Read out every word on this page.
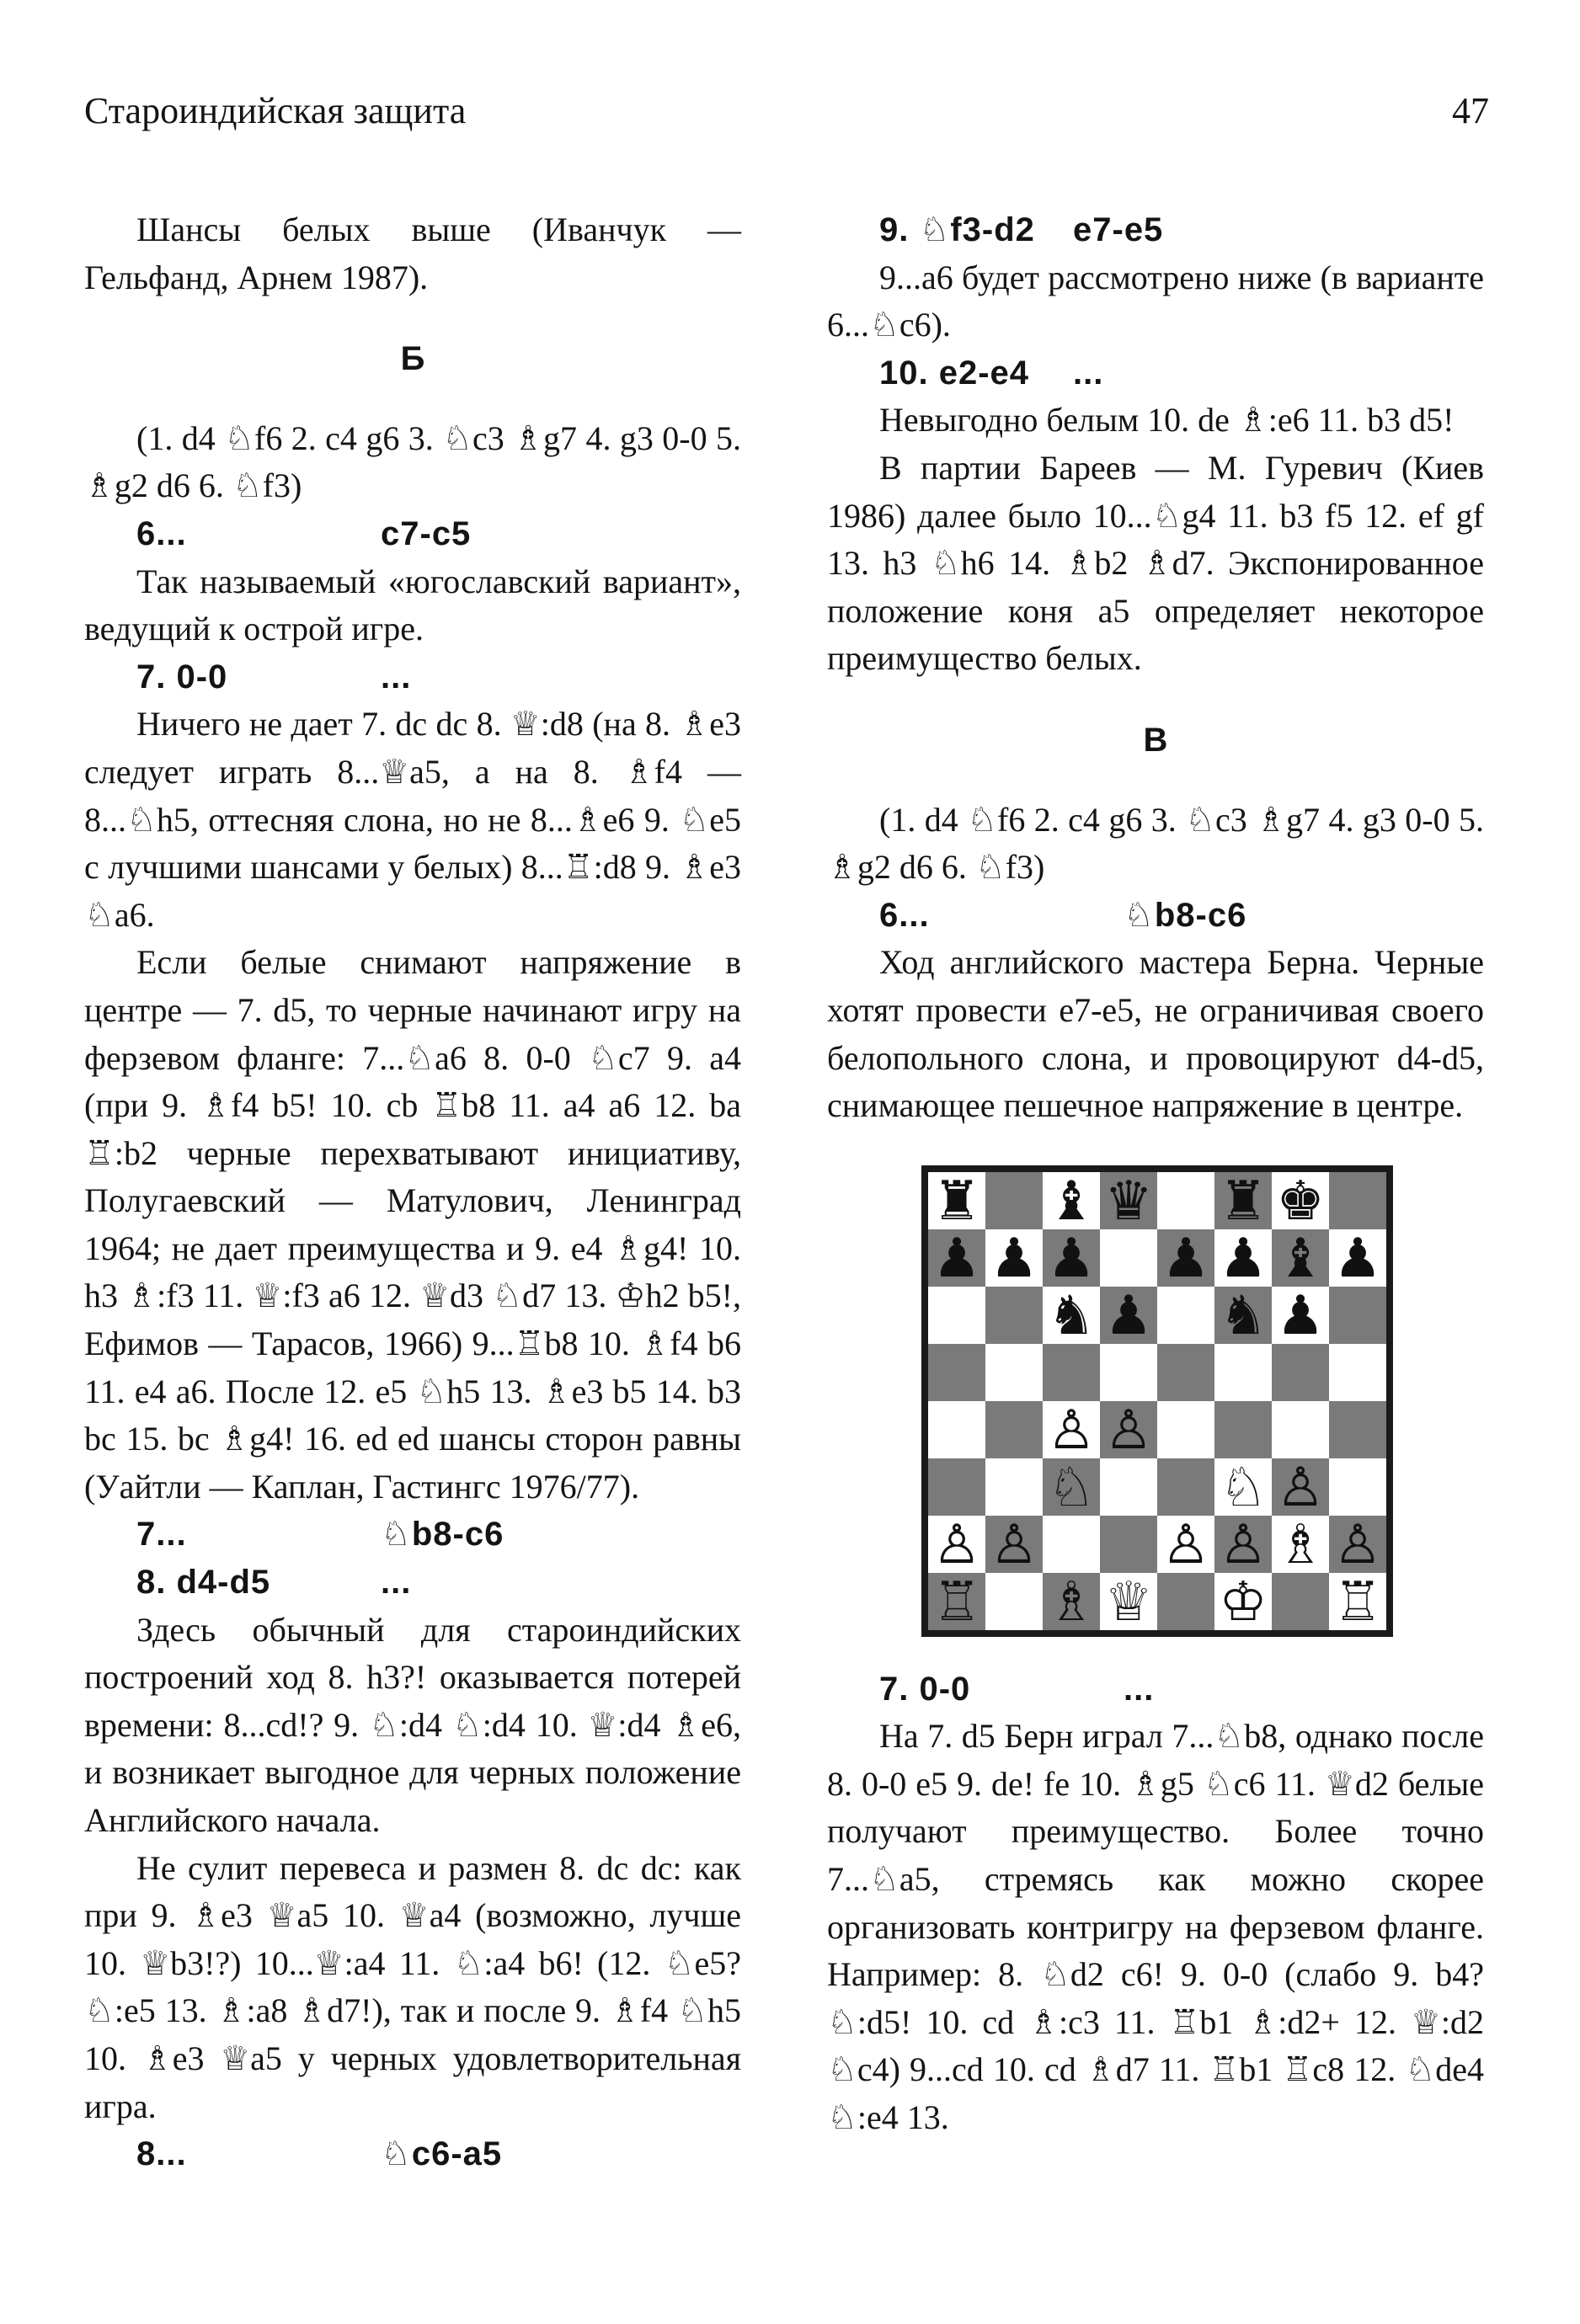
Староиндийская защита	47

Шансы белых выше (Иванчук — Гельфанд, Арнем 1987).

Б

(1. d4 ♘f6 2. c4 g6 3. ♘c3 ♗g7 4. g3 0-0 5. ♗g2 d6 6. ♘f3)

6...	c7-c5

Так называемый «югославский вариант», ведущий к острой игре.

7. 0-0	...

Ничего не дает 7. dc dc 8. ♕:d8 (на 8. ♗e3 следует играть 8...♕a5, а на 8. ♗f4 — 8...♘h5, оттесняя слона, но не 8...♗e6 9. ♘e5 с лучшими шансами у белых) 8...♖:d8 9. ♗e3 ♘a6.

Если белые снимают напряжение в центре — 7. d5, то черные начинают игру на ферзевом фланге: 7...♘a6 8. 0-0 ♘c7 9. a4 (при 9. ♗f4 b5! 10. cb ♖b8 11. a4 a6 12. ba ♖:b2 черные перехватывают инициативу, Полугаевский — Матулович, Ленинград 1964; не дает преимущества и 9. e4 ♗g4! 10. h3 ♗:f3 11. ♕:f3 a6 12. ♕d3 ♘d7 13. ♔h2 b5!, Ефимов — Тарасов, 1966) 9...♖b8 10. ♗f4 b6 11. e4 a6. После 12. e5 ♘h5 13. ♗e3 b5 14. b3 bc 15. bc ♗g4! 16. ed ed шансы сторон равны (Уайтли — Каплан, Гастингс 1976/77).

7...	♘b8-c6
8. d4-d5	...

Здесь обычный для староиндийских построений ход 8. h3?! оказывается потерей времени: 8...cd!? 9. ♘:d4 ♘:d4 10. ♕:d4 ♗e6, и возникает выгодное для черных положение Английского начала.

Не сулит перевеса и размен 8. dc dc: как при 9. ♗e3 ♕a5 10. ♕a4 (возможно, лучше 10. ♕b3!?) 10...♕:a4 11. ♘:a4 b6! (12. ♘e5? ♘:e5 13. ♗:a8 ♗d7!), так и после 9. ♗f4 ♘h5 10. ♗e3 ♕a5 у черных удовлетворительная игра.

8...	♘c6-a5
9. ♘f3-d2 e7-e5

9...a6 будет рассмотрено ниже (в варианте 6...♘c6).

10. e2-e4 ...

Невыгодно белым 10. de ♗:e6 11. b3 d5!

В партии Бареев — М. Гуревич (Киев 1986) далее было 10...♘g4 11. b3 f5 12. ef gf 13. h3 ♘h6 14. ♗b2 ♗d7. Экспонированное положение коня a5 определяет некоторое преимущество белых.

В

(1. d4 ♘f6 2. c4 g6 3. ♘c3 ♗g7 4. g3 0-0 5. ♗g2 d6 6. ♘f3)

6...	♘b8-c6

Ход английского мастера Берна. Черные хотят провести e7-e5, не ограничивая своего белопольного слона, и провоцируют d4-d5, снимающее пешечное напряжение в центре.

♜ ♝ ♛ ♜ ♚
♟ ♟ ♟ ♟ ♟ ♝ ♟
♞ ♟ ♞ ♟
♙ ♙
♘ ♘ ♙
♙ ♙ ♙ ♙ ♗ ♙
♖ ♗ ♕ ♔ ♖
7. 0-0	...

На 7. d5 Берн играл 7...♘b8, однако после 8. 0-0 e5 9. de! fe 10. ♗g5 ♘c6 11. ♕d2 белые получают преимущество. Более точно 7...♘a5, стремясь как можно скорее организовать контригру на ферзевом фланге. Например: 8. ♘d2 c6! 9. 0-0 (слабо 9. b4? ♘:d5! 10. cd ♗:c3 11. ♖b1 ♗:d2+ 12. ♕:d2 ♘c4) 9...cd 10. cd ♗d7 11. ♖b1 ♖c8 12. ♘de4 ♘:e4 13.
